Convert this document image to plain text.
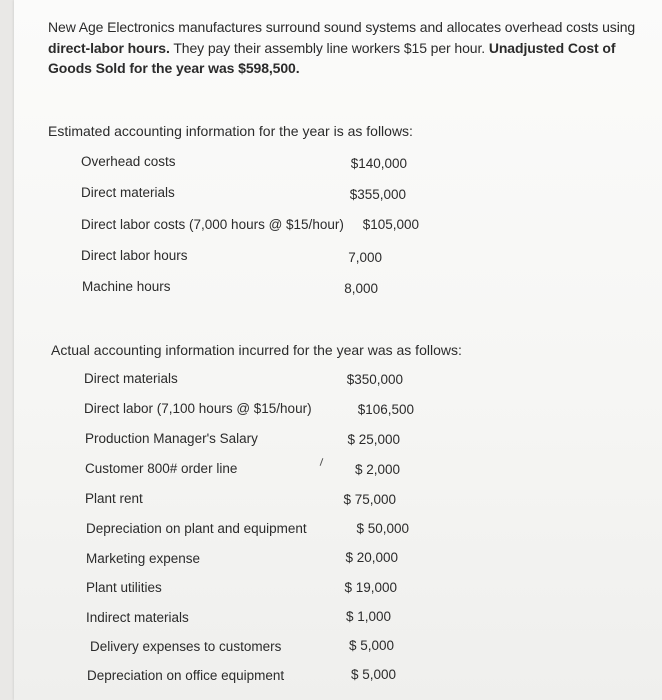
New Age Electronics manufactures surround sound systems and allocates overhead costs using direct-labor hours. They pay their assembly line workers $15 per hour. Unadjusted Cost of Goods Sold for the year was $598,500.
Estimated accounting information for the year is as follows:
Overhead costs	$140,000
Direct materials	$355,000
Direct labor costs (7,000 hours @ $15/hour)	$105,000
Direct labor hours	7,000
Machine hours	8,000
Actual accounting information incurred for the year was as follows:
Direct materials	$350,000
Direct labor (7,100 hours @ $15/hour)	$106,500
Production Manager's Salary	$ 25,000
Customer 800# order line	$ 2,000
Plant rent	$ 75,000
Depreciation on plant and equipment	$ 50,000
Marketing expense	$ 20,000
Plant utilities	$ 19,000
Indirect materials	$ 1,000
Delivery expenses to customers	$ 5,000
Depreciation on office equipment	$ 5,000
